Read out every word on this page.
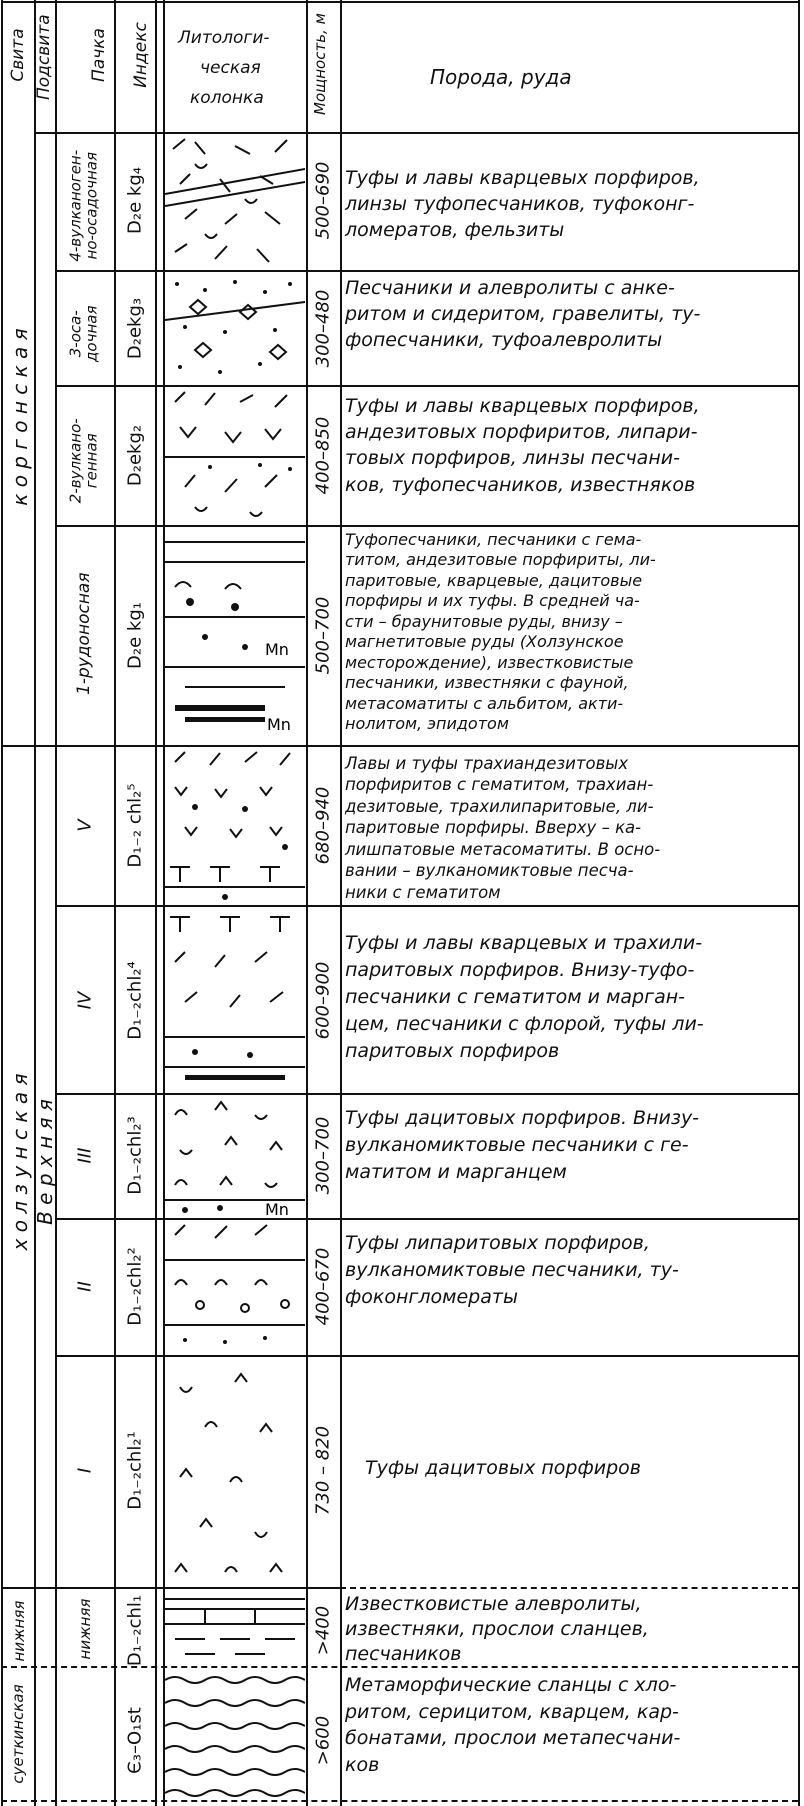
Свита Подсвита Пачка Индекс Литологи-
ческая
колонка	Мощность, м	Порода, руда
к о р г о н с к а я
х о л з у н с к а я
суеткинская
В е р х н я я
нижняя
4-вулканоген-но-осадочная
3-оса-дочная
2-вулкано-генная
1-рудоносная
V
IV
III
II
I
нижняя
D₂e kg₄
D₂ekg₃
D₂ekg₂
D₂e kg₁
D₁₋₂ chl₂⁵
D₁₋₂chl₂⁴
D₁₋₂chl₂³
D₁₋₂chl₂²
D₁₋₂chl₂¹
D₁₋₂chl₁
Є₃–O₁st
500–690
300–480
400–850
500–700
680–940
600–900
300–700
400–670
730 – 820
>400
>600
Mn
Mn
Mn
Туфы и лавы кварцевых порфиров,
линзы туфопесчаников, туфоконг-
ломератов, фельзиты
Песчаники и алевролиты с анке-
ритом и сидеритом, гравелиты, ту-
фопесчаники, туфоалевролиты
Туфы и лавы кварцевых порфиров,
андезитовых порфиритов, липари-
товых порфиров, линзы песчани-
ков, туфопесчаников, известняков
Туфопесчаники, песчаники с гема-
титом, андезитовые порфириты, ли-
паритовые, кварцевые, дацитовые
порфиры и их туфы. В средней ча-
сти – браунитовые руды, внизу –
магнетитовые руды (Холзунское
месторождение), известковистые
песчаники, известняки с фауной,
метасоматиты с альбитом, акти-
нолитом, эпидотом
Лавы и туфы трахиандезитовых
порфиритов с гематитом, трахиан-
дезитовые, трахилипаритовые, ли-
паритовые порфиры. Вверху – ка-
лишпатовые метасоматиты. В осно-
вании – вулканомиктовые песча-
ники с гематитом
Туфы и лавы кварцевых и трахили-
паритовых порфиров. Внизу-туфо-
песчаники с гематитом и марган-
цем, песчаники с флорой, туфы ли-
паритовых порфиров
Туфы дацитовых порфиров. Внизу-
вулканомиктовые песчаники с ге-
матитом и марганцем
Туфы липаритовых порфиров,
вулканомиктовые песчаники, ту-
фоконгломераты
Туфы дацитовых порфиров
Известковистые алевролиты,
известняки, прослои сланцев,
песчаников
Метаморфические сланцы с хло-
ритом, серицитом, кварцем, кар-
бонатами, прослои метапесчани-
ков
